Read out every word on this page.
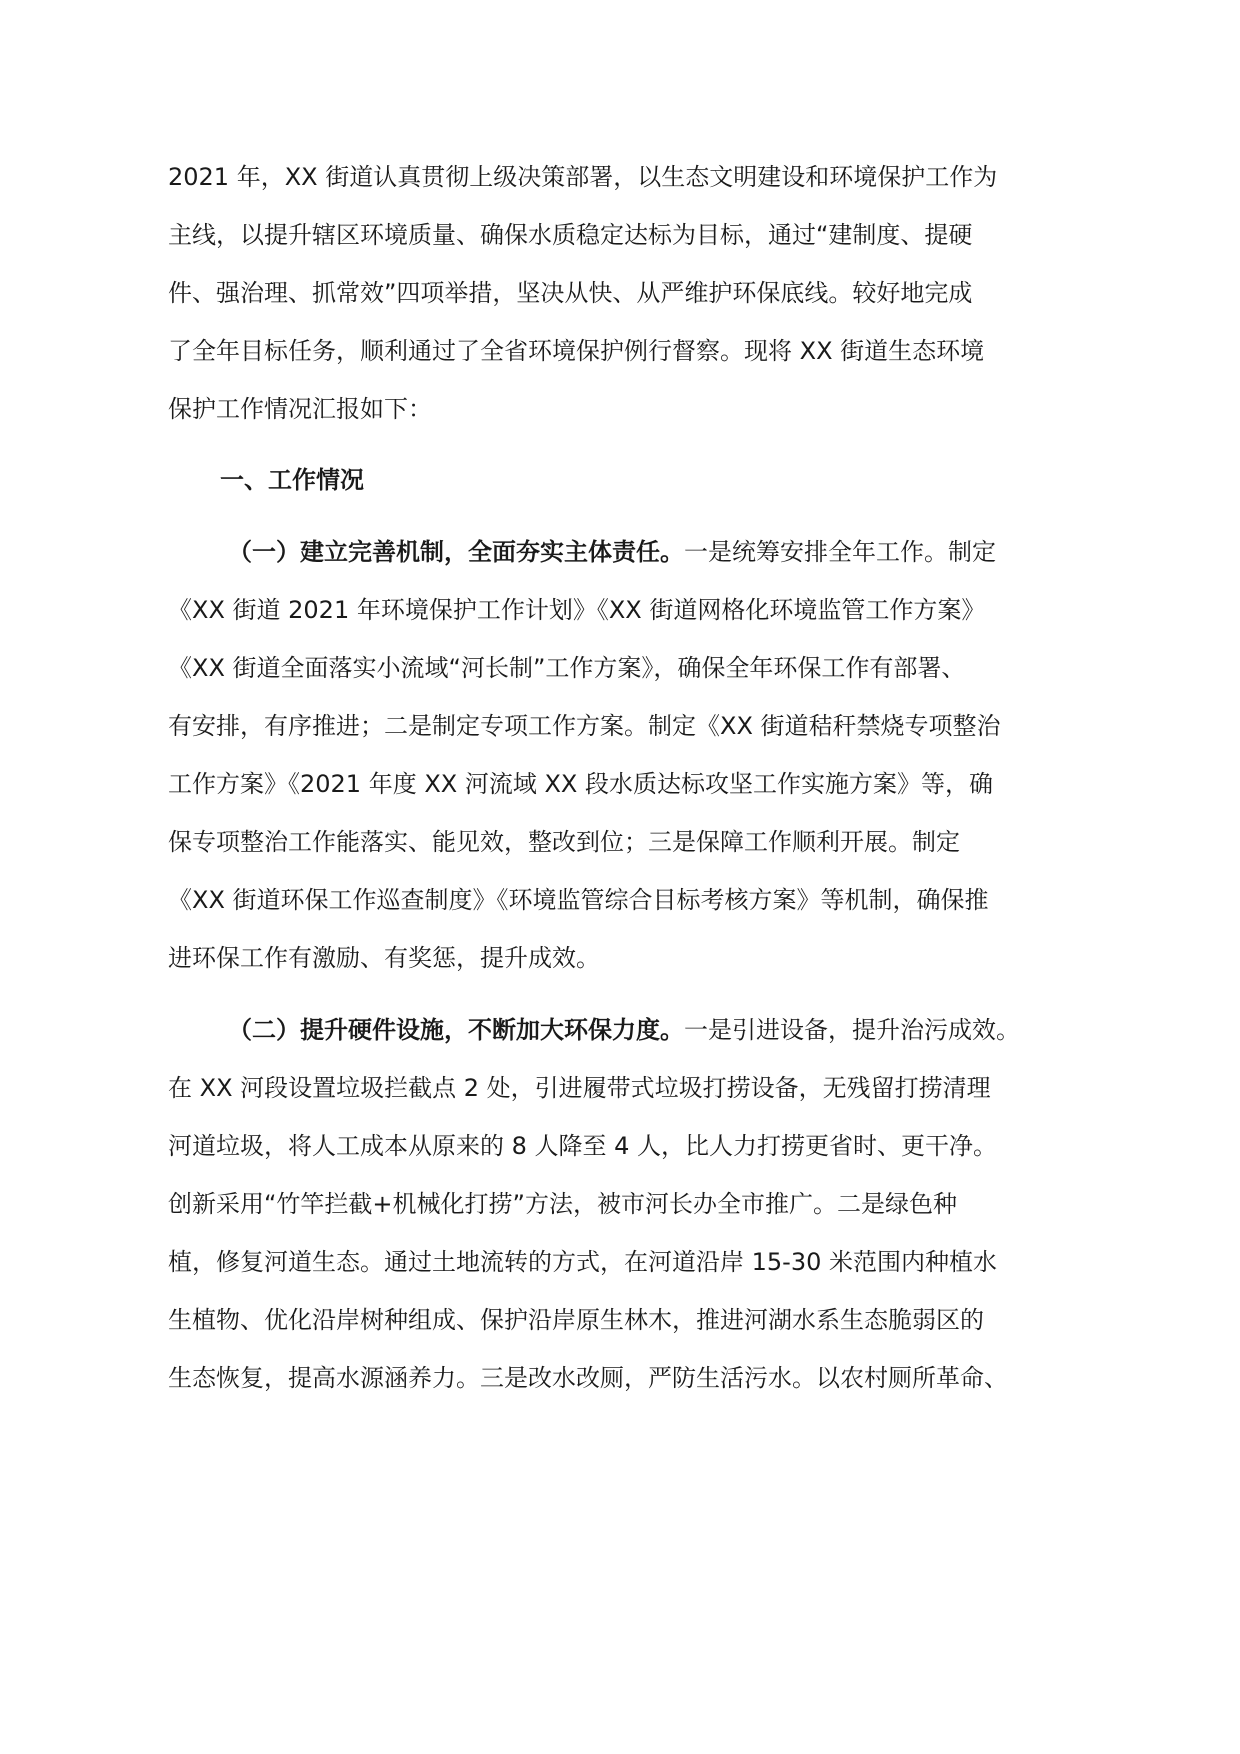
2021 年，XX 街道认真贯彻上级决策部署，以生态文明建设和环境保护工作为
主线，以提升辖区环境质量、确保水质稳定达标为目标，通过“建制度、提硬
件、强治理、抓常效”四项举措，坚决从快、从严维护环保底线。较好地完成
了全年目标任务，顺利通过了全省环境保护例行督察。现将 XX 街道生态环境
保护工作情况汇报如下：
一、工作情况
（一）建立完善机制，全面夯实主体责任。一是统筹安排全年工作。制定
《XX 街道 2021 年环境保护工作计划》《XX 街道网格化环境监管工作方案》
《XX 街道全面落实小流域“河长制”工作方案》，确保全年环保工作有部署、
有安排，有序推进；二是制定专项工作方案。制定《XX 街道秸秆禁烧专项整治
工作方案》《2021 年度 XX 河流域 XX 段水质达标攻坚工作实施方案》等，确
保专项整治工作能落实、能见效，整改到位；三是保障工作顺利开展。制定
《XX 街道环保工作巡查制度》《环境监管综合目标考核方案》等机制，确保推
进环保工作有激励、有奖惩，提升成效。
（二）提升硬件设施，不断加大环保力度。一是引进设备，提升治污成效。
在 XX 河段设置垃圾拦截点 2 处，引进履带式垃圾打捞设备，无残留打捞清理
河道垃圾，将人工成本从原来的 8 人降至 4 人，比人力打捞更省时、更干净。
创新采用“竹竿拦截+机械化打捞”方法，被市河长办全市推广。二是绿色种
植，修复河道生态。通过土地流转的方式，在河道沿岸 15-30 米范围内种植水
生植物、优化沿岸树种组成、保护沿岸原生林木，推进河湖水系生态脆弱区的
生态恢复，提高水源涵养力。三是改水改厕，严防生活污水。以农村厕所革命、
